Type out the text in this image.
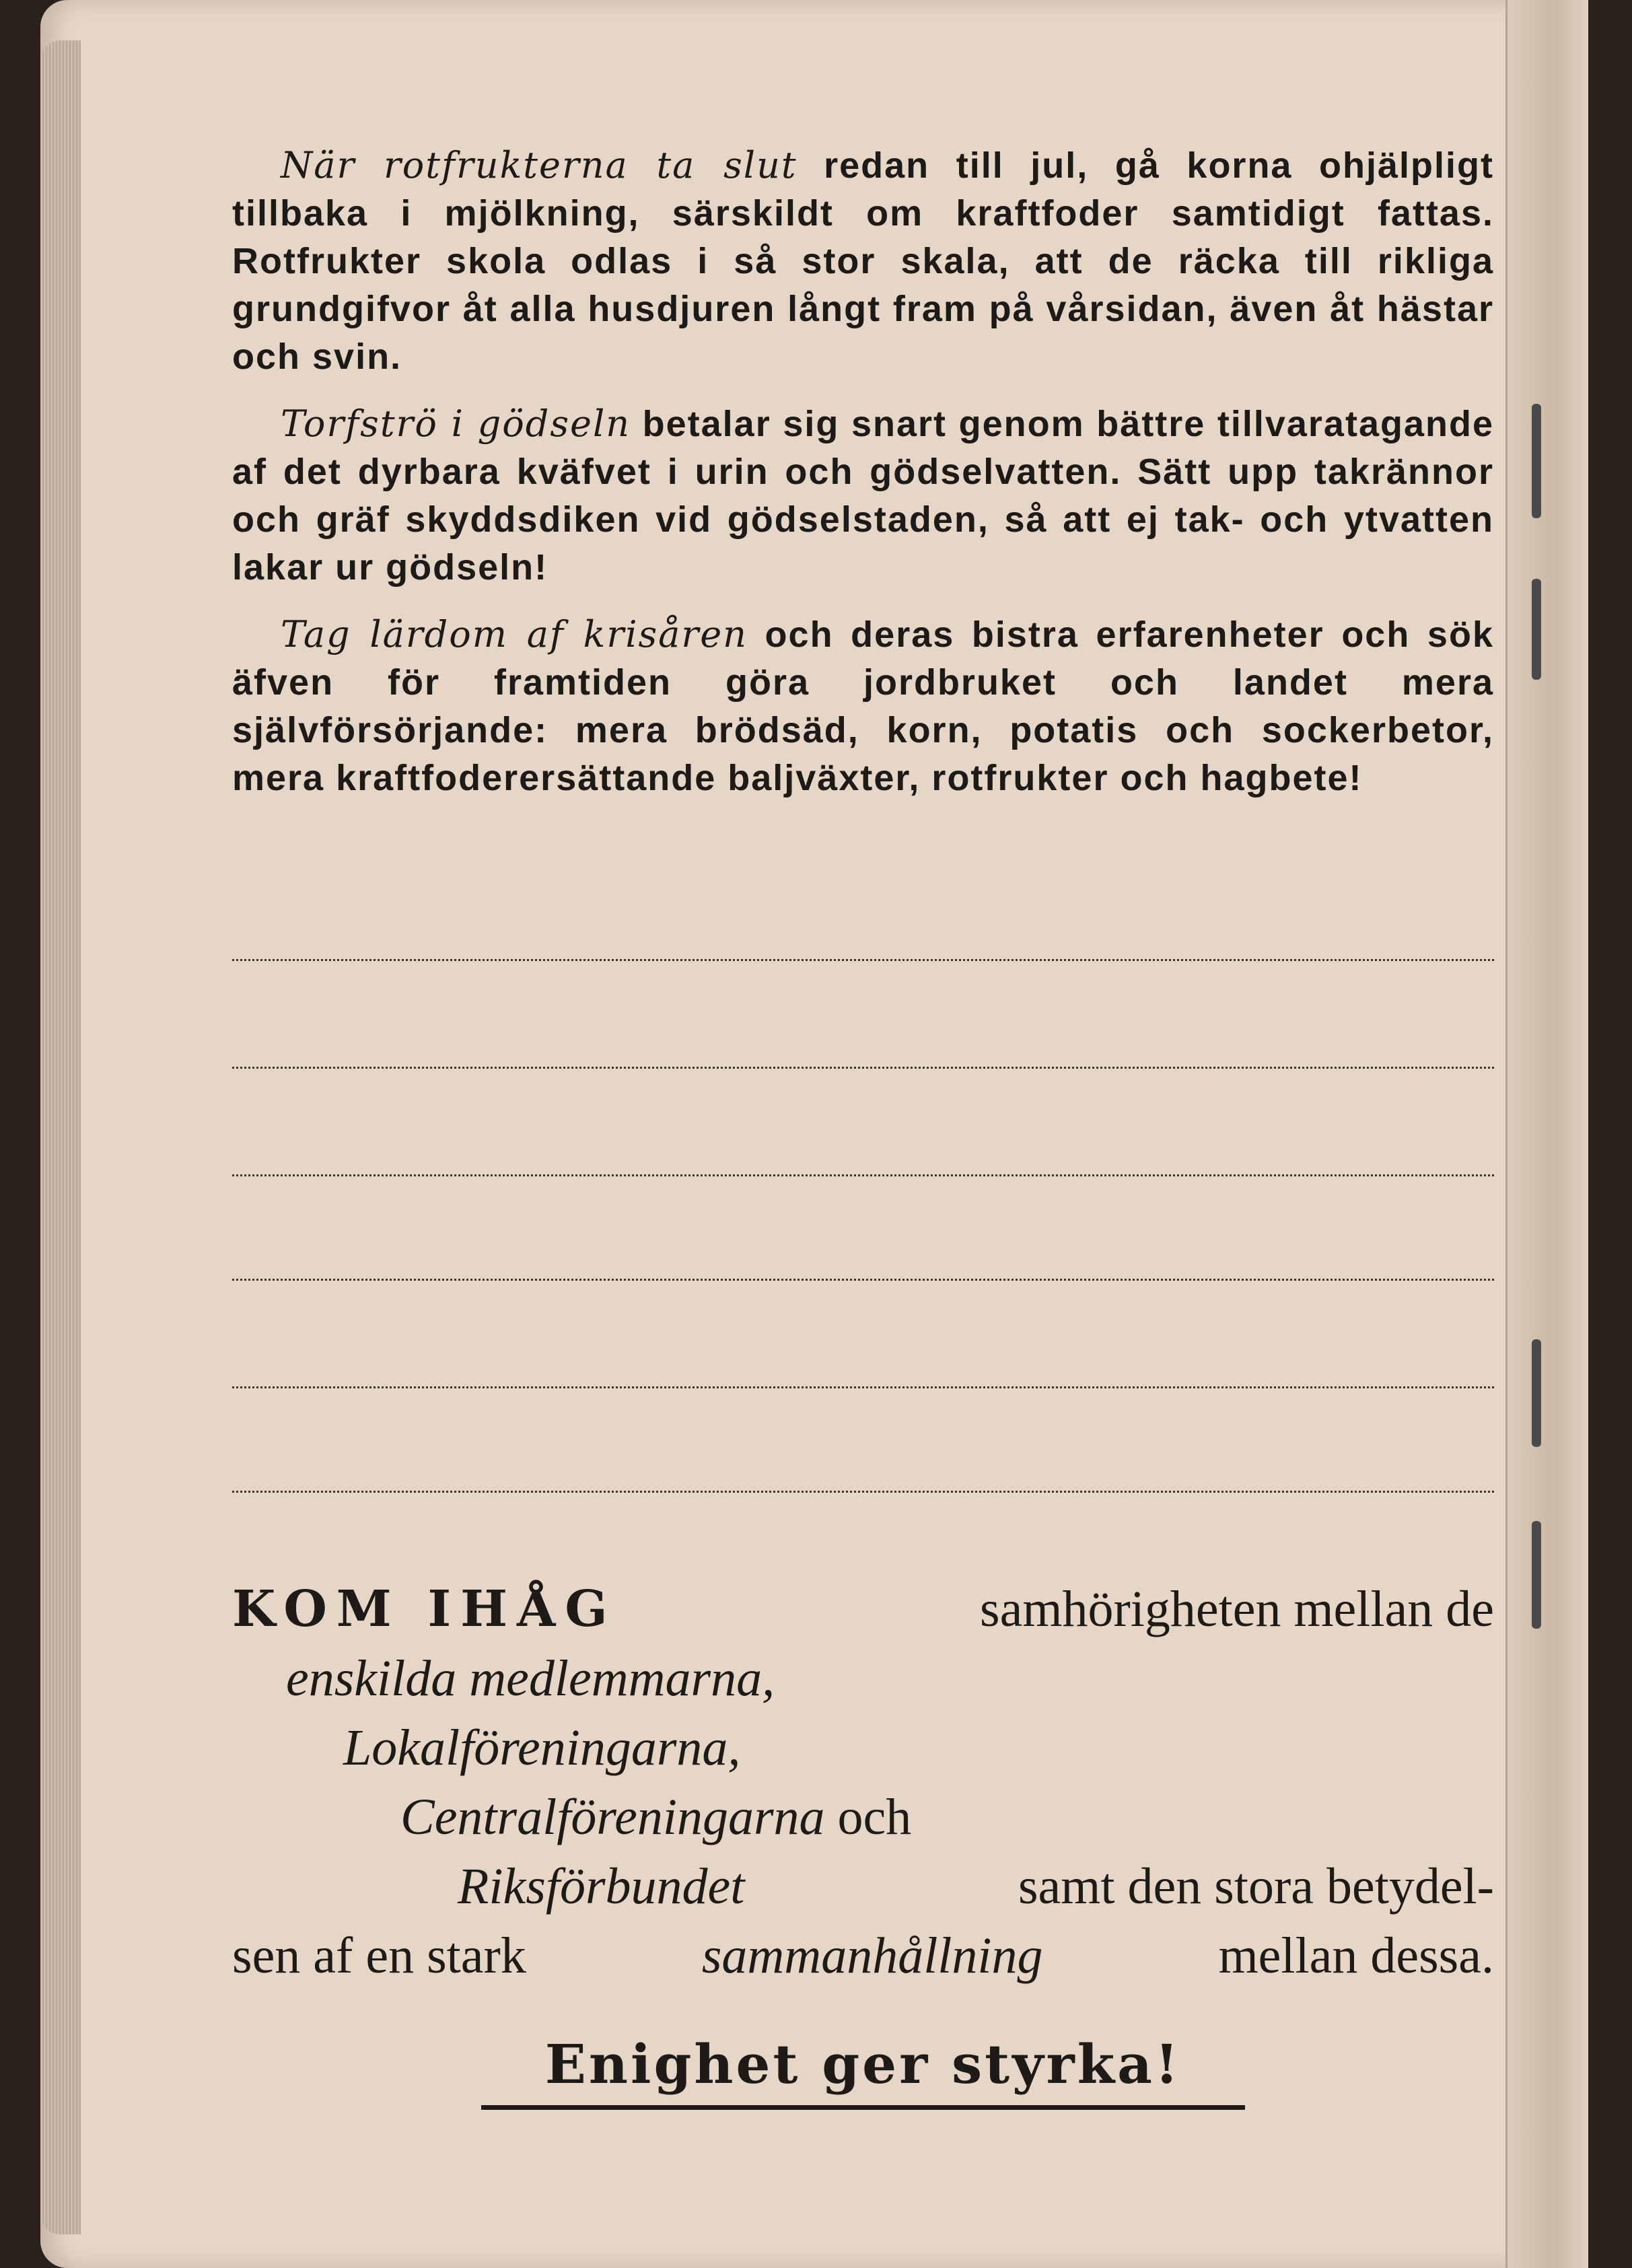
När rotfrukterna ta slut redan till jul, gå korna ohjälpligt tillbaka i mjölkning, särskildt om kraftfoder samtidigt fattas. Rotfrukter skola odlas i så stor skala, att de räcka till rikliga grundgifvor åt alla husdjuren långt fram på vårsidan, även åt hästar och svin.

Torfströ i gödseln betalar sig snart genom bättre tillvaratagande af det dyrbara kväfvet i urin och gödselvatten. Sätt upp takrännor och gräf skyddsdiken vid gödselstaden, så att ej tak- och ytvatten lakar ur gödseln!

Tag lärdom af krisåren och deras bistra erfarenheter och sök äfven för framtiden göra jordbruket och landet mera självförsörjande: mera brödsäd, korn, potatis och sockerbetor, mera kraftfoderersättande baljväxter, rotfrukter och hagbete!

KOM IHÅG	samhörigheten mellan de
enskilda medlemmarna,
Lokalföreningarna,
Centralföreningarna och
Riksförbundet	samt den stora betydel-
sen af en stark	sammanhållning	mellan dessa.
Enighet ger styrka!
